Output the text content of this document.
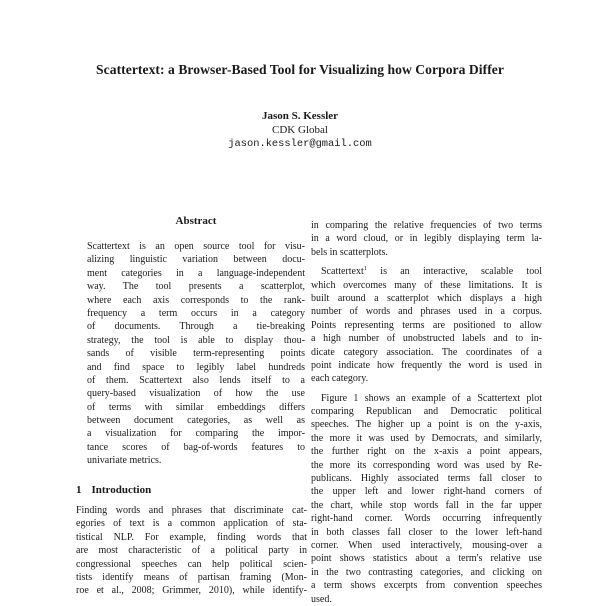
Scattertext: a Browser-Based Tool for Visualizing how Corpora Differ
Jason S. Kessler
CDK Global
jason.kessler@gmail.com
Abstract
Scattertext is an open source tool for visu-
alizing linguistic variation between docu-
ment categories in a language-independent
way. The tool presents a scatterplot,
where each axis corresponds to the rank-
frequency a term occurs in a category
of documents. Through a tie-breaking
strategy, the tool is able to display thou-
sands of visible term-representing points
and find space to legibly label hundreds
of them. Scattertext also lends itself to a
query-based visualization of how the use
of terms with similar embeddings differs
between document categories, as well as
a visualization for comparing the impor-
tance scores of bag-of-words features to
univariate metrics.
1 Introduction
Finding words and phrases that discriminate cat-
egories of text is a common application of sta-
tistical NLP. For example, finding words that
are most characteristic of a political party in
congressional speeches can help political scien-
tists identify means of partisan framing (Mon-
roe et al., 2008; Grimmer, 2010), while identify-
in comparing the relative frequencies of two terms
in a word cloud, or in legibly displaying term la-
bels in scatterplots.
Scattertext$^1$ is an interactive, scalable tool
which overcomes many of these limitations. It is
built around a scatterplot which displays a high
number of words and phrases used in a corpus.
Points representing terms are positioned to allow
a high number of unobstructed labels and to in-
dicate category association. The coordinates of a
point indicate how frequently the word is used in
each category.
Figure 1 shows an example of a Scattertext plot
comparing Republican and Democratic political
speeches. The higher up a point is on the y-axis,
the more it was used by Democrats, and similarly,
the further right on the x-axis a point appears,
the more its corresponding word was used by Re-
publicans. Highly associated terms fall closer to
the upper left and lower right-hand corners of
the chart, while stop words fall in the far upper
right-hand corner. Words occurring infrequently
in both classes fall closer to the lower left-hand
corner. When used interactively, mousing-over a
point shows statistics about a term's relative use
in the two contrasting categories, and clicking on
a term shows excerpts from convention speeches
used.
